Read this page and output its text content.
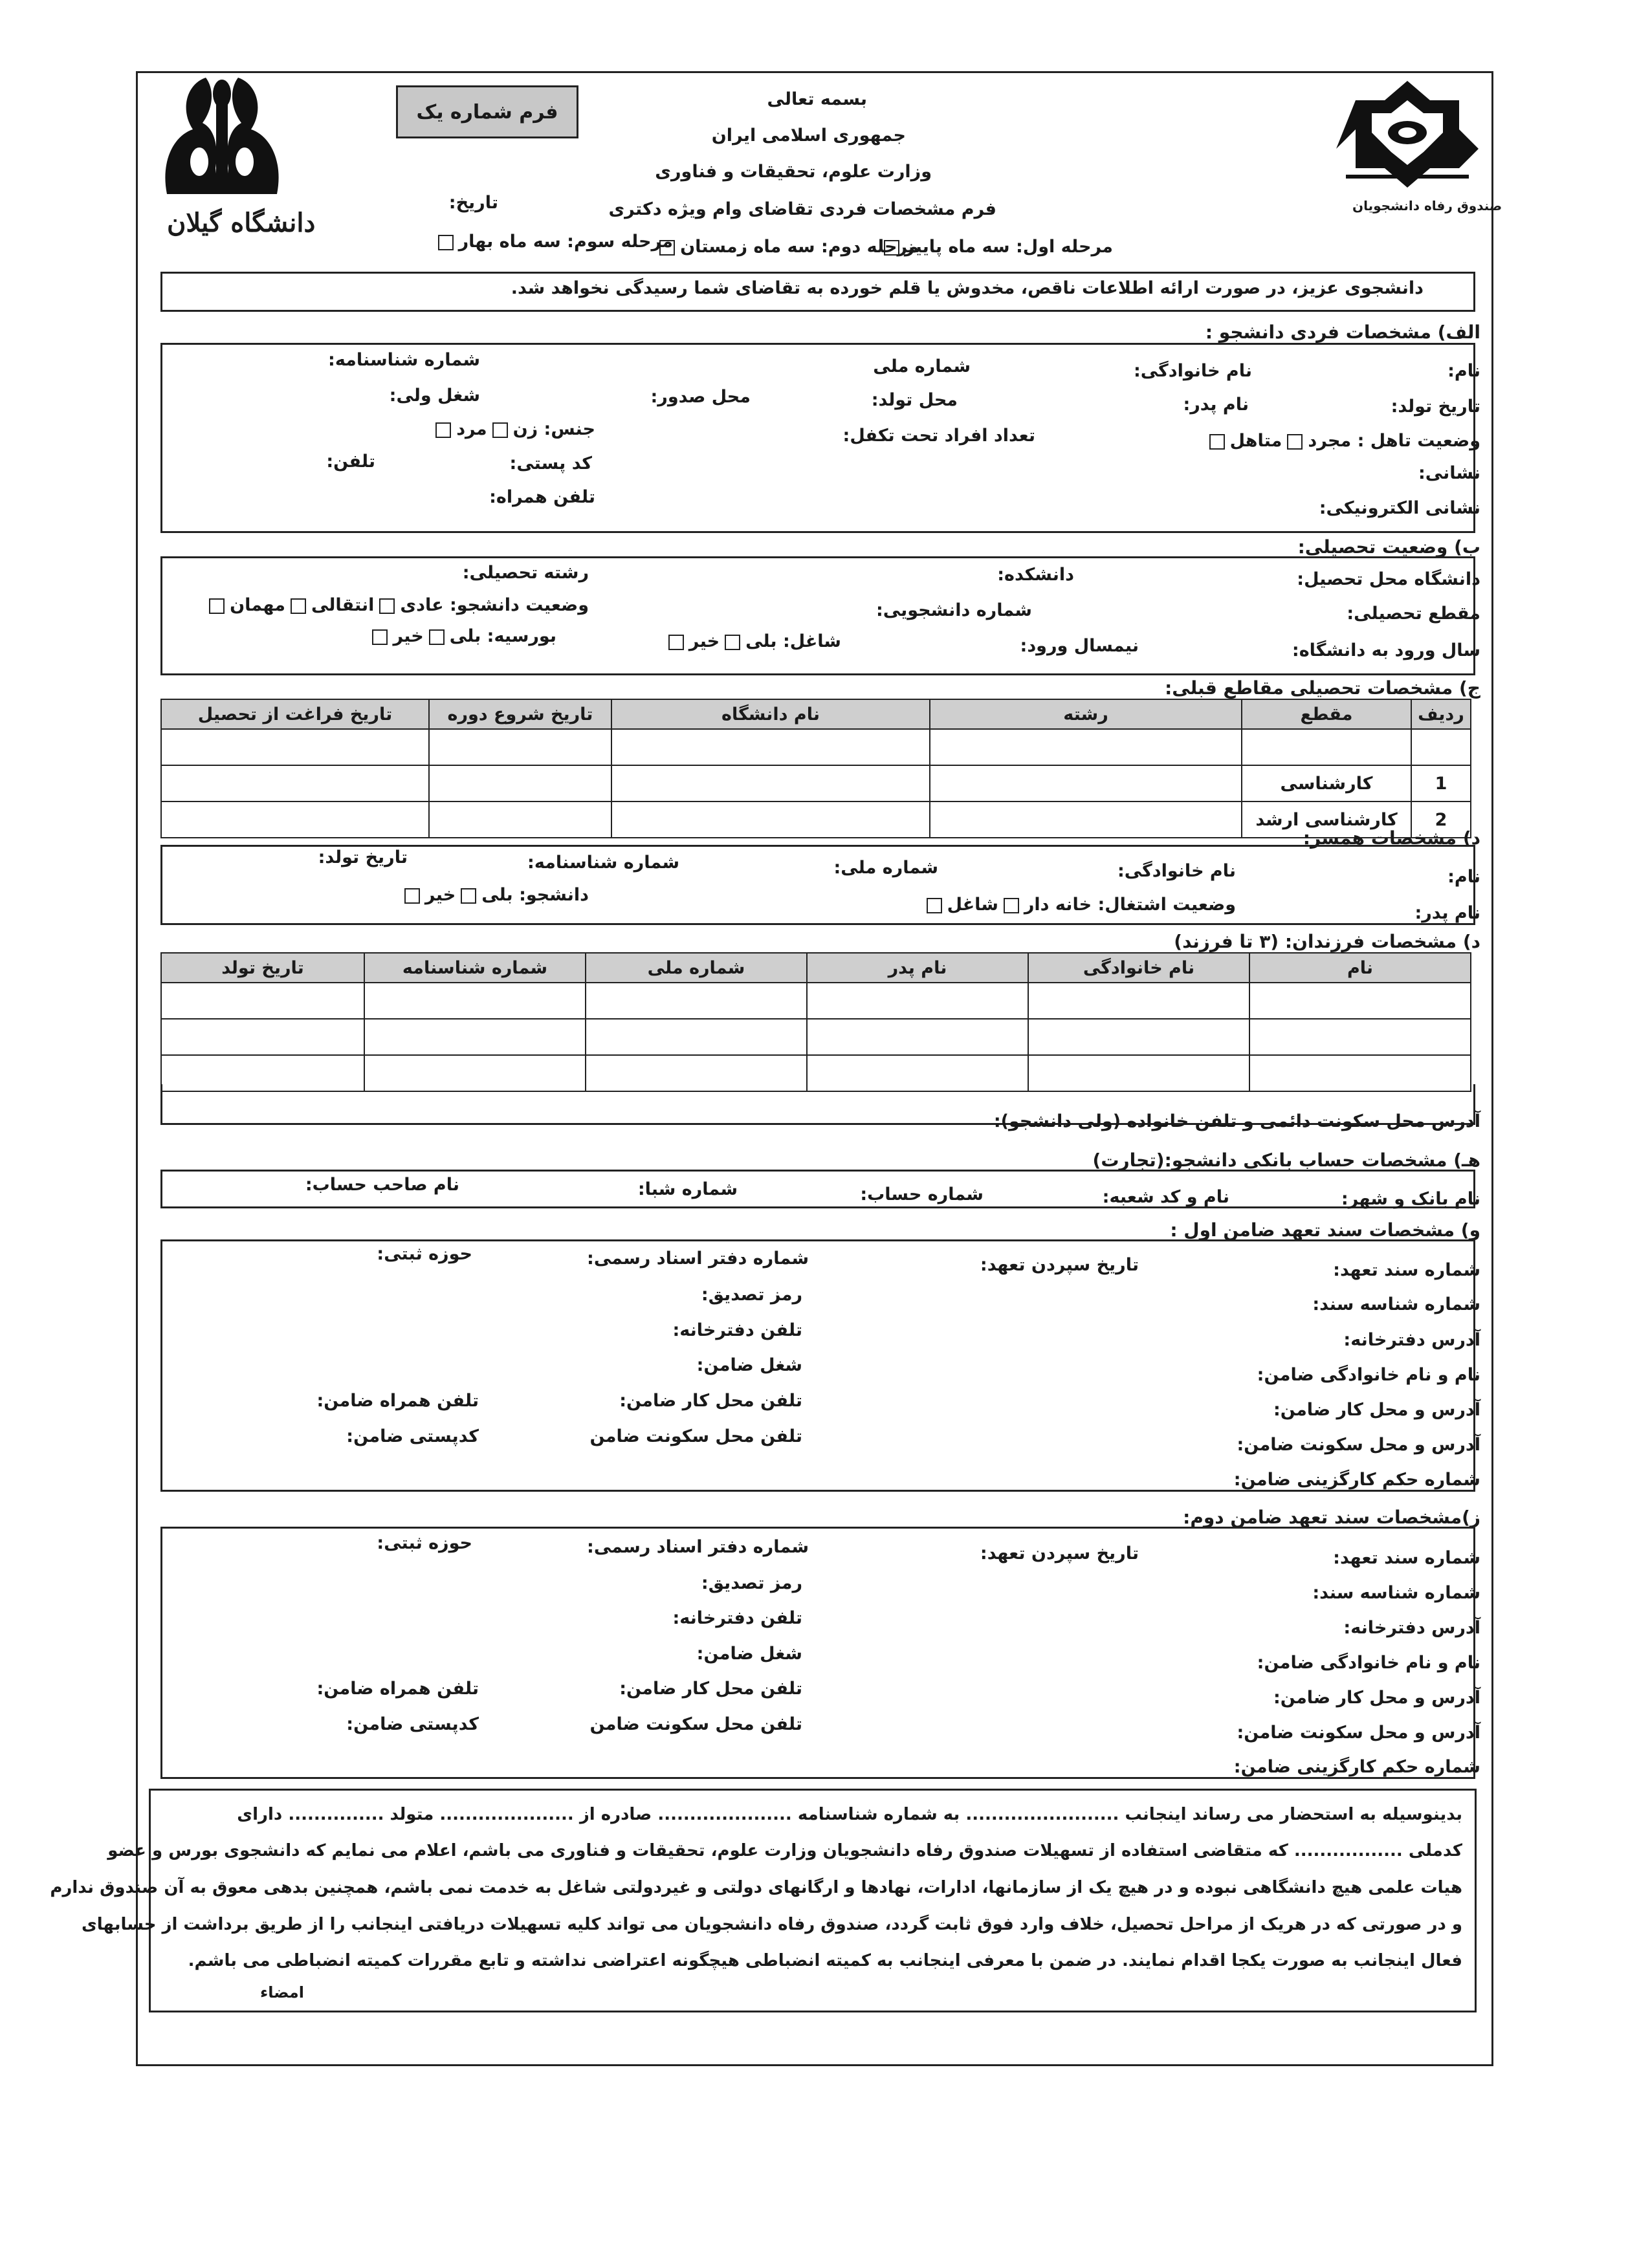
دانشگاه گیلان
صندوق رفاه دانشجویان
بسمه تعالی
جمهوری اسلامی ایران
وزارت علوم، تحقیقات و فناوری
فرم مشخصات فردی تقاضای وام ویژه دکتری
فرم شماره یک
تاریخ:
مرحله اول: سه ماه پاییز
مرحله دوم: سه ماه زمستان
مرحله سوم: سه ماه بهار
دانشجوی عزیز، در صورت ارائه اطلاعات ناقص، مخدوش یا قلم خورده به تقاضای شما رسیدگی نخواهد شد.
الف) مشخصات فردی دانشجو :
نام:
نام خانوادگی:
شماره ملی
شماره شناسنامه:
تاریخ تولد:
نام پدر:
محل تولد:
محل صدور:
شغل ولی:
وضعیت تاهل : مجردمتاهل
تعداد افراد تحت تکفل:
جنس: زنمرد
نشانی:
کد پستی:
تلفن:
نشانی الکترونیکی:
تلفن همراه:
ب) وضعیت تحصیلی:
دانشگاه محل تحصیل:
دانشکده:
رشته تحصیلی:
مقطع تحصیلی:
شماره دانشجویی:
وضعیت دانشجو: عادیانتقالیمهمان
سال ورود به دانشگاه:
نیمسال ورود:
شاغل: بلیخیر
بورسیه: بلیخیر
ج) مشخصات تحصیلی مقاطع قبلی:
ردیف	مقطع	رشته	نام دانشگاه	تاریخ شروع دوره	تاریخ فراغت از تحصیل

1	کارشناسی				
2	کارشناسی ارشد				
د) مشخصات همسر:
نام:
نام خانوادگی:
شماره ملی:
شماره شناسنامه:
تاریخ تولد:
نام پدر:
وضعیت اشتغال: خانه دارشاغل
دانشجو: بلیخیر
د) مشخصات فرزندان: (۳ تا فرزند)
نام	نام خانوادگی	نام پدر	شماره ملی	شماره شناسنامه	تاریخ تولد

آدرس محل سکونت دائمی و تلفن خانواده (ولی دانشجو):
هـ) مشخصات حساب بانکی دانشجو:(تجارت)
نام بانک و شهر:
نام و کد شعبه:
شماره حساب:
شماره شبا:
نام صاحب حساب:
و) مشخصات سند تعهد ضامن اول :
شماره سند تعهد:
تاریخ سپردن تعهد:
شماره دفتر اسناد رسمی:
حوزه ثبتی:
شماره شناسه سند:
رمز تصدیق:
آدرس دفترخانه:
تلفن دفترخانه:
نام و نام خانوادگی ضامن:
شغل ضامن:
آدرس و محل کار ضامن:
تلفن محل کار ضامن:
تلفن همراه ضامن:
آدرس و محل سکونت ضامن:
تلفن محل سکونت ضامن
کدپستی ضامن:
شماره حکم کارگزینی ضامن:
ز)مشخصات سند تعهد ضامن دوم:
شماره سند تعهد:
تاریخ سپردن تعهد:
شماره دفتر اسناد رسمی:
حوزه ثبتی:
شماره شناسه سند:
رمز تصدیق:
آدرس دفترخانه:
تلفن دفترخانه:
نام و نام خانوادگی ضامن:
شغل ضامن:
آدرس و محل کار ضامن:
تلفن محل کار ضامن:
تلفن همراه ضامن:
آدرس و محل سکونت ضامن:
تلفن محل سکونت ضامن
کدپستی ضامن:
شماره حکم کارگزینی ضامن:
بدینوسیله به استحضار می رساند اینجانب ........................ به شماره شناسنامه ..................... صادره از ..................... متولد ............... دارای
کدملی ................. که متقاضی استفاده از تسهیلات صندوق رفاه دانشجویان وزارت علوم، تحقیقات و فناوری می باشم، اعلام می نمایم که دانشجوی بورس و عضو
هیات علمی هیچ دانشگاهی نبوده و در هیچ یک از سازمانها، ادارات، نهادها و ارگانهای دولتی و غیردولتی شاغل به خدمت نمی باشم، همچنین بدهی معوق به آن صندوق ندارم
و در صورتی که در هریک از مراحل تحصیل، خلاف وارد فوق ثابت گردد، صندوق رفاه دانشجویان می تواند کلیه تسهیلات دریافتی اینجانب را از طریق برداشت از حسابهای
فعال اینجانب به صورت یکجا اقدام نمایند. در ضمن با معرفی اینجانب به کمیته انضباطی هیچگونه اعتراضی نداشته و تابع مقررات کمیته انضباطی می باشم.
امضاء
